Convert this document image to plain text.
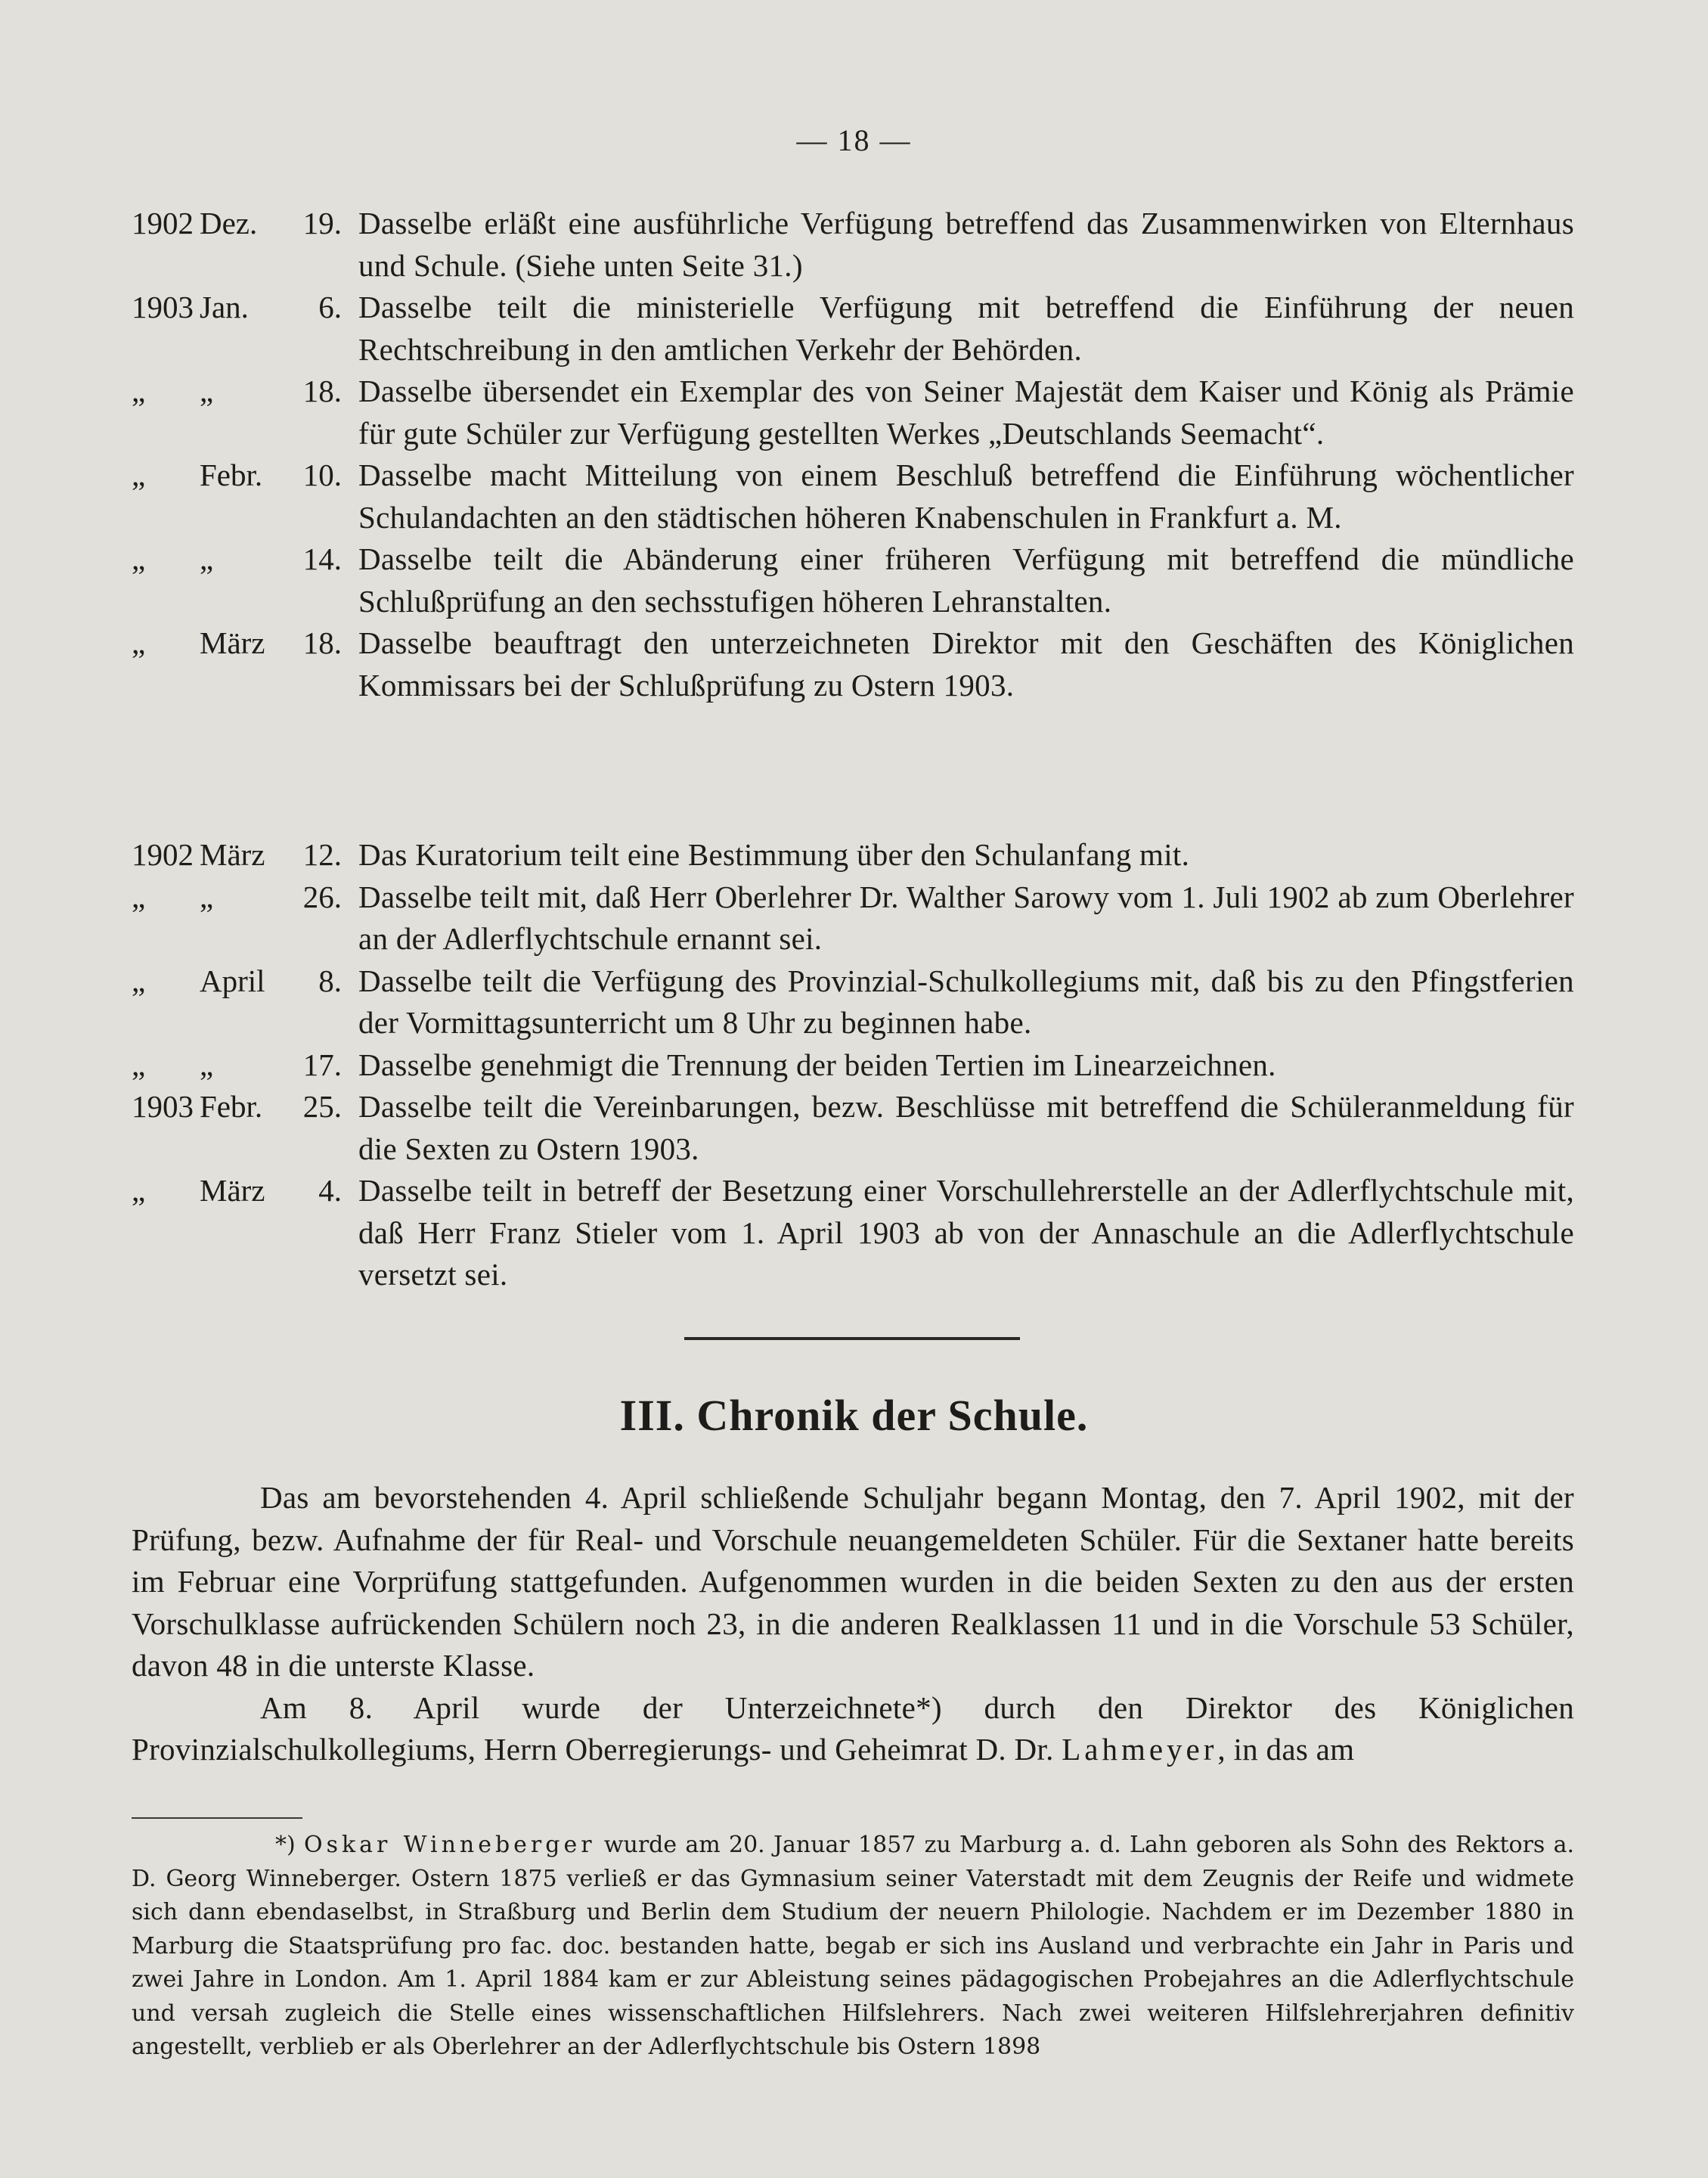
— 18 —
1902 Dez. 19. Dasselbe erläßt eine ausführliche Verfügung betreffend das Zusammenwirken von Elternhaus und Schule. (Siehe unten Seite 31.)
1903 Jan. 6. Dasselbe teilt die ministerielle Verfügung mit betreffend die Einführung der neuen Rechtschreibung in den amtlichen Verkehr der Behörden.
„ „	18. Dasselbe übersendet ein Exemplar des von Seiner Majestät dem Kaiser und König als Prämie für gute Schüler zur Verfügung gestellten Werkes „Deutschlands Seemacht“.
„ Febr. 10. Dasselbe macht Mitteilung von einem Beschluß betreffend die Einführung wöchentlicher Schulandachten an den städtischen höheren Knabenschulen in Frankfurt a. M.
„ „	14. Dasselbe teilt die Abänderung einer früheren Verfügung mit betreffend die mündliche Schlußprüfung an den sechsstufigen höheren Lehranstalten.
„ März 18. Dasselbe beauftragt den unterzeichneten Direktor mit den Geschäften des Königlichen Kommissars bei der Schlußprüfung zu Ostern 1903.
1902 März 12. Das Kuratorium teilt eine Bestimmung über den Schulanfang mit.
„ „	26. Dasselbe teilt mit, daß Herr Oberlehrer Dr. Walther Sarowy vom 1. Juli 1902 ab zum Oberlehrer an der Adlerflychtschule ernannt sei.
„ April 8. Dasselbe teilt die Verfügung des Provinzial-Schulkollegiums mit, daß bis zu den Pfingstferien der Vormittagsunterricht um 8 Uhr zu beginnen habe.
„ „	17. Dasselbe genehmigt die Trennung der beiden Tertien im Linearzeichnen.
1903 Febr. 25. Dasselbe teilt die Vereinbarungen, bezw. Beschlüsse mit betreffend die Schüleranmeldung für die Sexten zu Ostern 1903.
„ März 4. Dasselbe teilt in betreff der Besetzung einer Vorschullehrerstelle an der Adlerflychtschule mit, daß Herr Franz Stieler vom 1. April 1903 ab von der Annaschule an die Adlerflychtschule versetzt sei.
III. Chronik der Schule.

Das am bevorstehenden 4. April schließende Schuljahr begann Montag, den 7. April 1902, mit der Prüfung, bezw. Aufnahme der für Real- und Vorschule neuangemeldeten Schüler. Für die Sextaner hatte bereits im Februar eine Vorprüfung stattgefunden. Aufgenommen wurden in die beiden Sexten zu den aus der ersten Vorschulklasse aufrückenden Schülern noch 23, in die anderen Realklassen 11 und in die Vorschule 53 Schüler, davon 48 in die unterste Klasse.

Am 8. April wurde der Unterzeichnete*) durch den Direktor des Königlichen Provinzialschulkollegiums, Herrn Oberregierungs- und Geheimrat D. Dr. Lahmeyer, in das am

*) Oskar Winneberger wurde am 20. Januar 1857 zu Marburg a. d. Lahn geboren als Sohn des Rektors a. D. Georg Winneberger. Ostern 1875 verließ er das Gymnasium seiner Vaterstadt mit dem Zeugnis der Reife und widmete sich dann ebendaselbst, in Straßburg und Berlin dem Studium der neuern Philologie. Nachdem er im Dezember 1880 in Marburg die Staatsprüfung pro fac. doc. bestanden hatte, begab er sich ins Ausland und verbrachte ein Jahr in Paris und zwei Jahre in London. Am 1. April 1884 kam er zur Ableistung seines pädagogischen Probejahres an die Adlerflychtschule und versah zugleich die Stelle eines wissenschaftlichen Hilfslehrers. Nach zwei weiteren Hilfslehrerjahren definitiv angestellt, verblieb er als Oberlehrer an der Adlerflychtschule bis Ostern 1898
